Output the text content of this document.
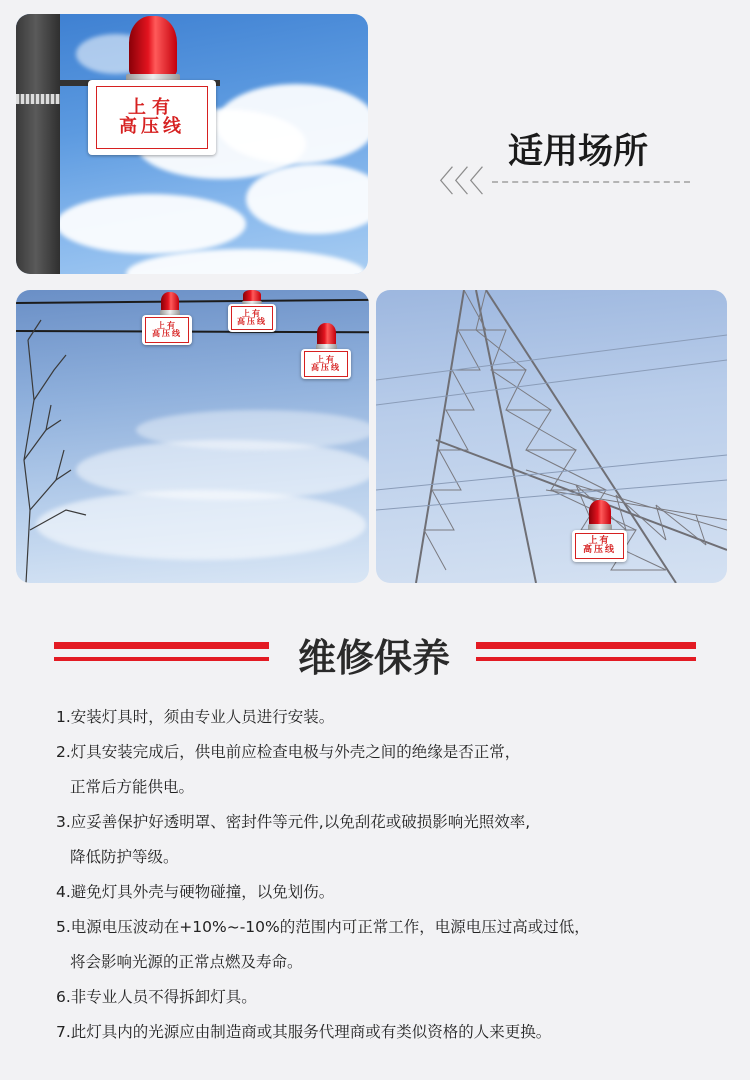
上有
高压线
适用场所
〈〈〈
上有
高压线
上有
高压线
上有
高压线
上有
高压线
维修保养
1.安装灯具时，须由专业人员进行安装。
2.灯具安装完成后，供电前应检查电极与外壳之间的绝缘是否正常，
正常后方能供电。
3.应妥善保护好透明罩、密封件等元件,以免刮花或破损影响光照效率,
降低防护等级。
4.避免灯具外壳与硬物碰撞，以免划伤。
5.电源电压波动在+10%~-10%的范围内可正常工作，电源电压过高或过低，
将会影响光源的正常点燃及寿命。
6.非专业人员不得拆卸灯具。
7.此灯具内的光源应由制造商或其服务代理商或有类似资格的人来更换。
